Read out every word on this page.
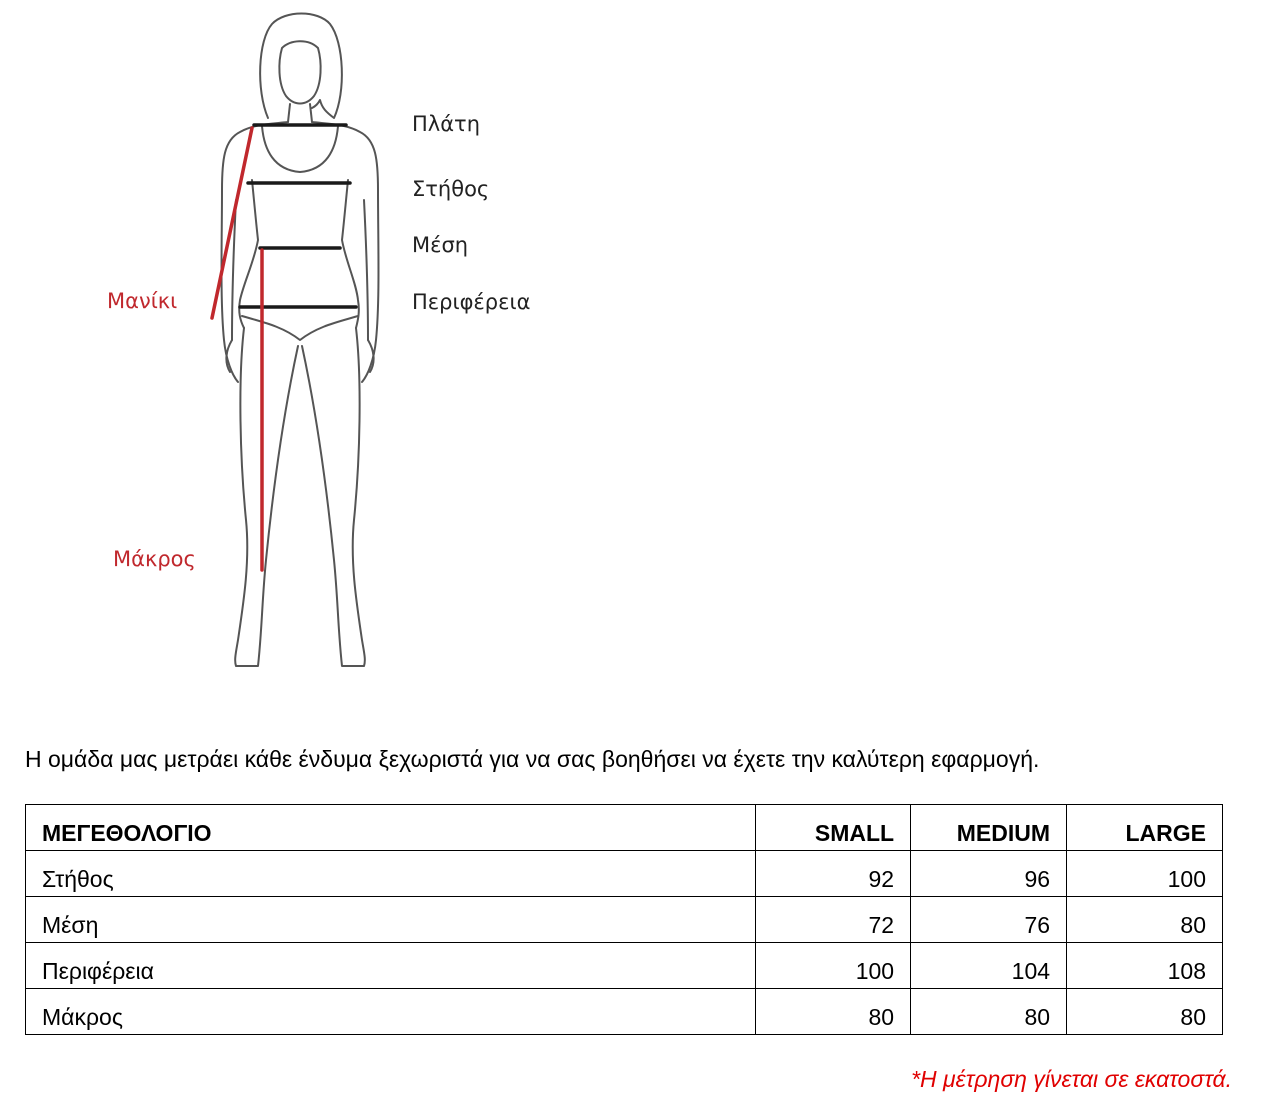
Πλάτη
Στήθος
Μέση
Περιφέρεια
Μανίκι
Μάκρος
Η ομάδα μας μετράει κάθε ένδυμα ξεχωριστά για να σας βοηθήσει να έχετε την καλύτερη εφαρμογή.
ΜΕΓΕΘΟΛΟΓΙΟ	SMALL	MEDIUM	LARGE
Στήθος	92	96	100
Μέση	72	76	80
Περιφέρεια	100	104	108
Μάκρος	80	80	80
*Η μέτρηση γίνεται σε εκατοστά.
